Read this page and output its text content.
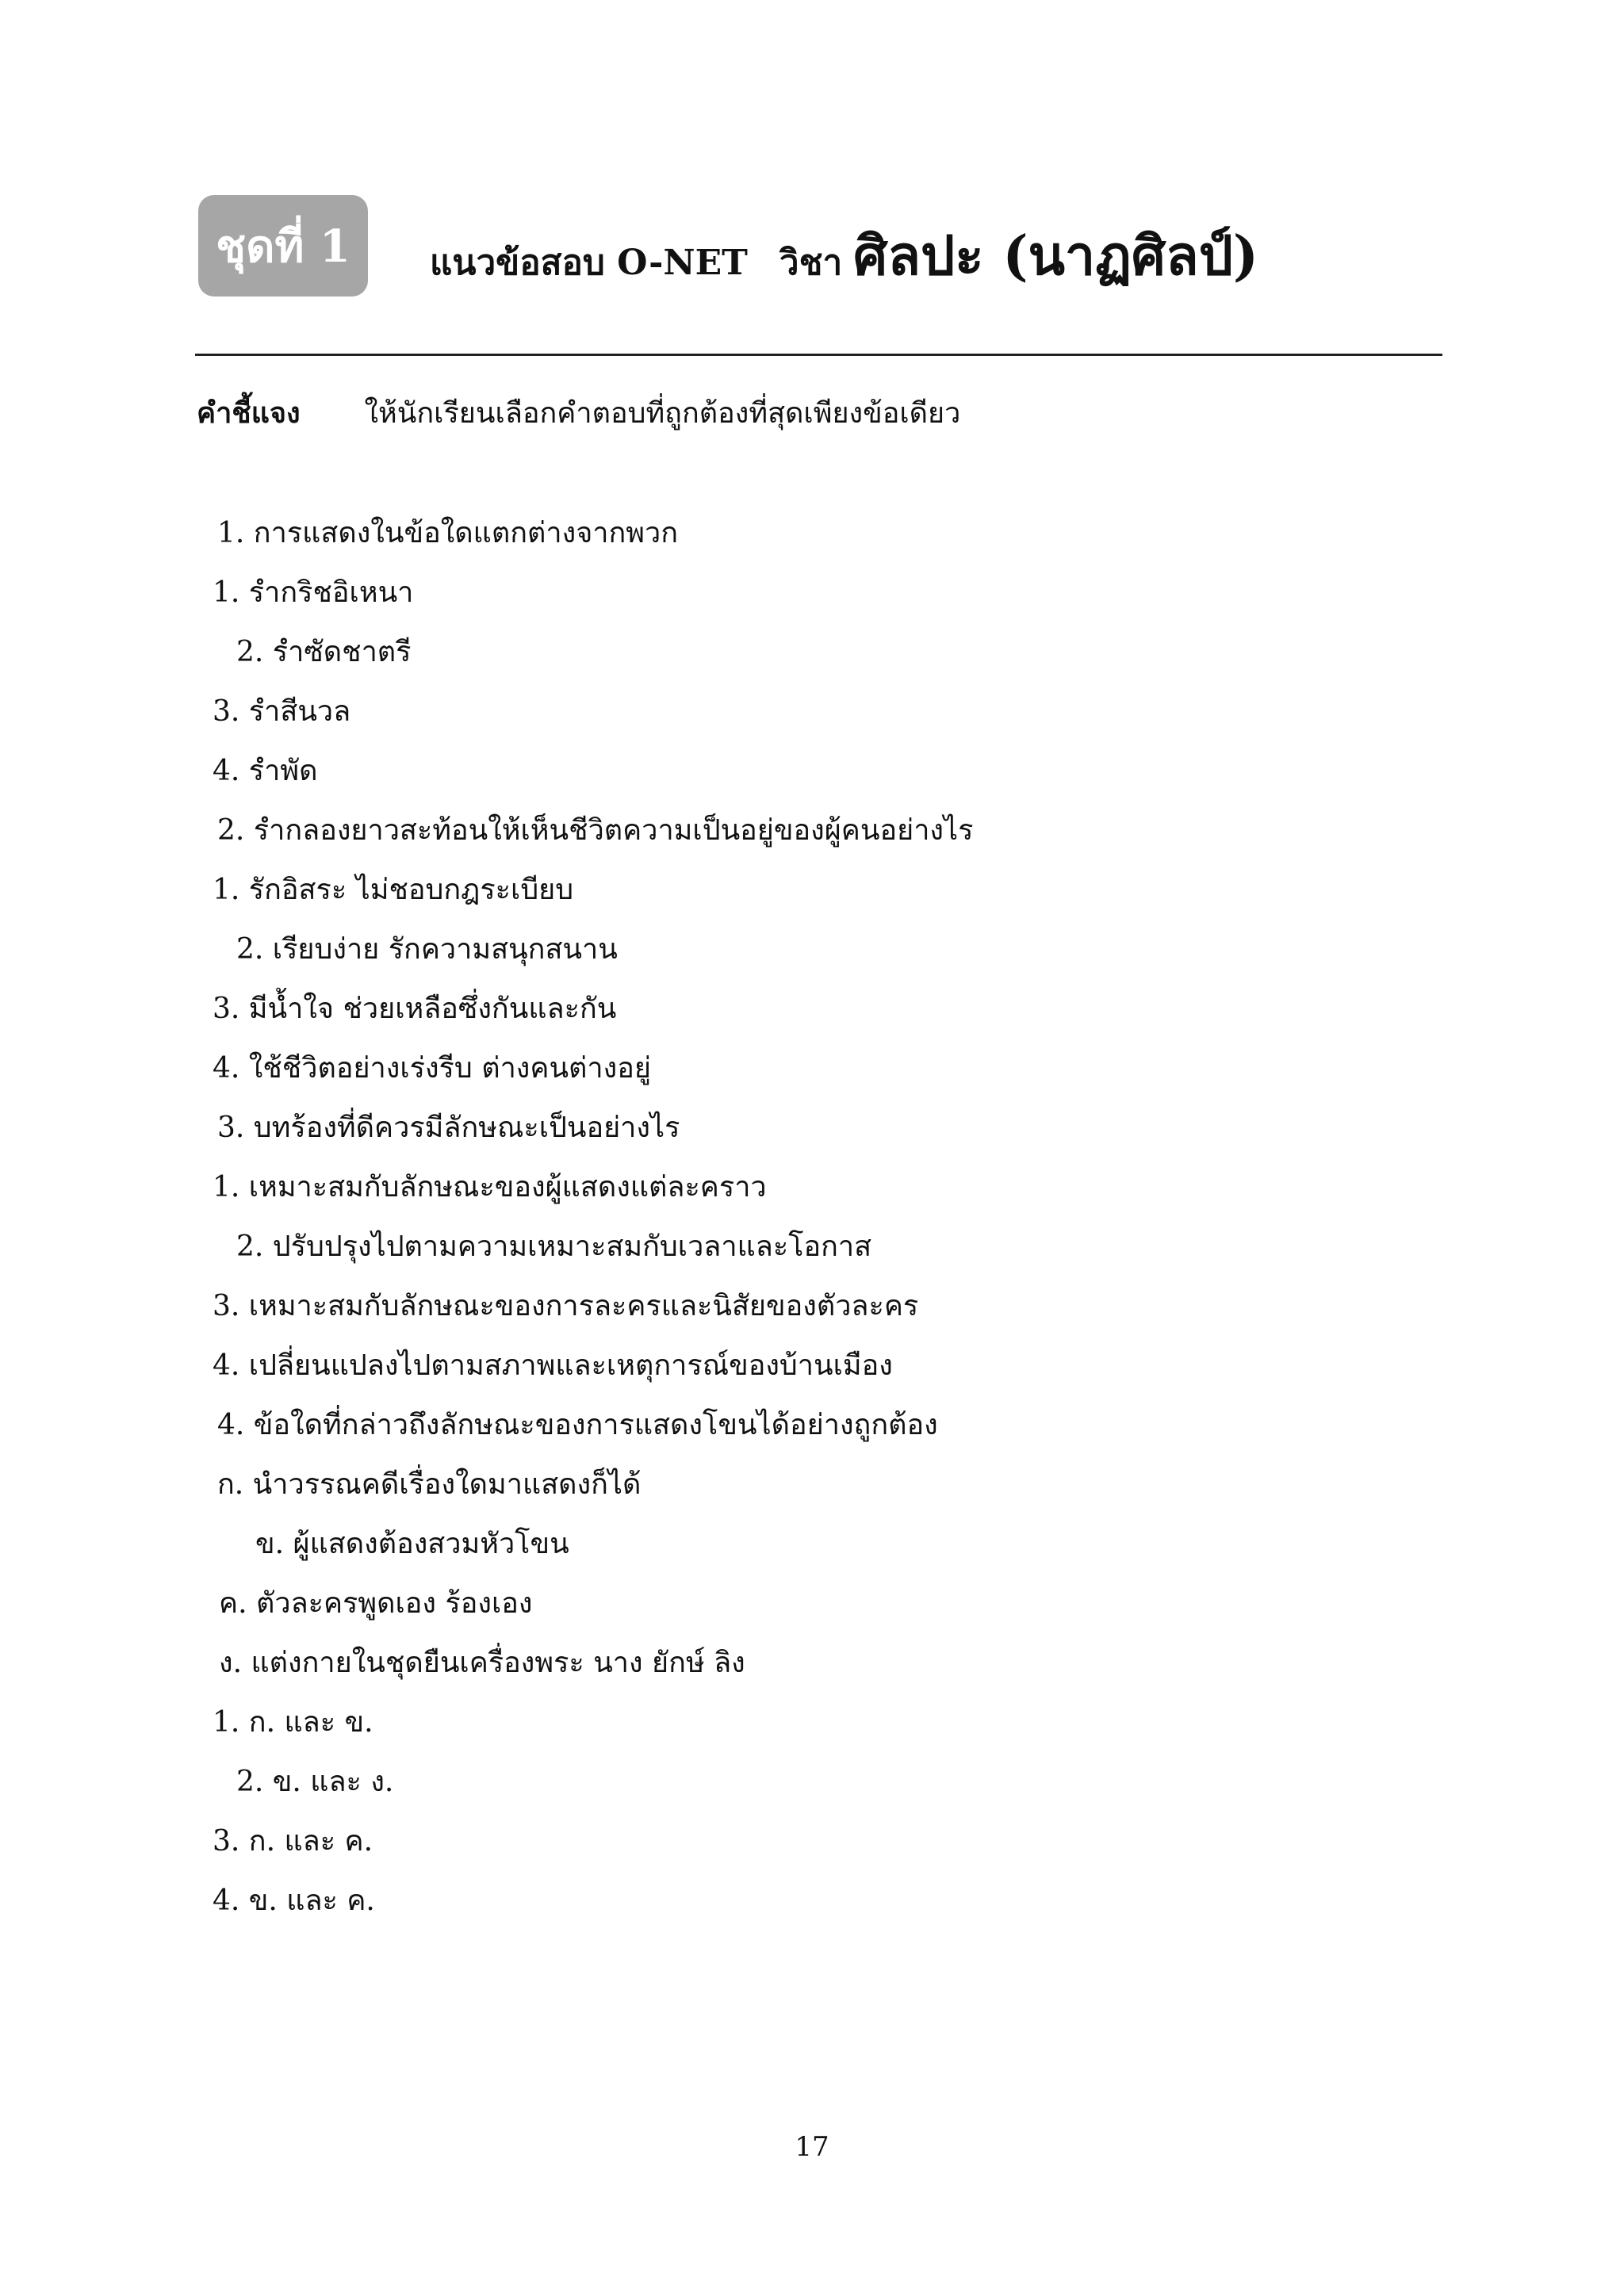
ชุดที่ 1	แนวข้อสอบ O-NET วิชา ศิลปะ (นาฏศิลป์)
คำชี้แจง ให้นักเรียนเลือกคำตอบที่ถูกต้องที่สุดเพียงข้อเดียว
1. การแสดงในข้อใดแตกต่างจากพวก
1. รำกริชอิเหนา
2. รำซัดชาตรี
3. รำสีนวล
4. รำพัด
2. รำกลองยาวสะท้อนให้เห็นชีวิตความเป็นอยู่ของผู้คนอย่างไร
1. รักอิสระ ไม่ชอบกฎระเบียบ
2. เรียบง่าย รักความสนุกสนาน
3. มีน้ำใจ ช่วยเหลือซึ่งกันและกัน
4. ใช้ชีวิตอย่างเร่งรีบ ต่างคนต่างอยู่
3. บทร้องที่ดีควรมีลักษณะเป็นอย่างไร
1. เหมาะสมกับลักษณะของผู้แสดงแต่ละคราว
2. ปรับปรุงไปตามความเหมาะสมกับเวลาและโอกาส
3. เหมาะสมกับลักษณะของการละครและนิสัยของตัวละคร
4. เปลี่ยนแปลงไปตามสภาพและเหตุการณ์ของบ้านเมือง
4. ข้อใดที่กล่าวถึงลักษณะของการแสดงโขนได้อย่างถูกต้อง
ก. นำวรรณคดีเรื่องใดมาแสดงก็ได้
ข. ผู้แสดงต้องสวมหัวโขน
ค. ตัวละครพูดเอง ร้องเอง
ง. แต่งกายในชุดยืนเครื่องพระ นาง ยักษ์ ลิง
1. ก. และ ข.
2. ข. และ ง.
3. ก. และ ค.
4. ข. และ ค.
17
